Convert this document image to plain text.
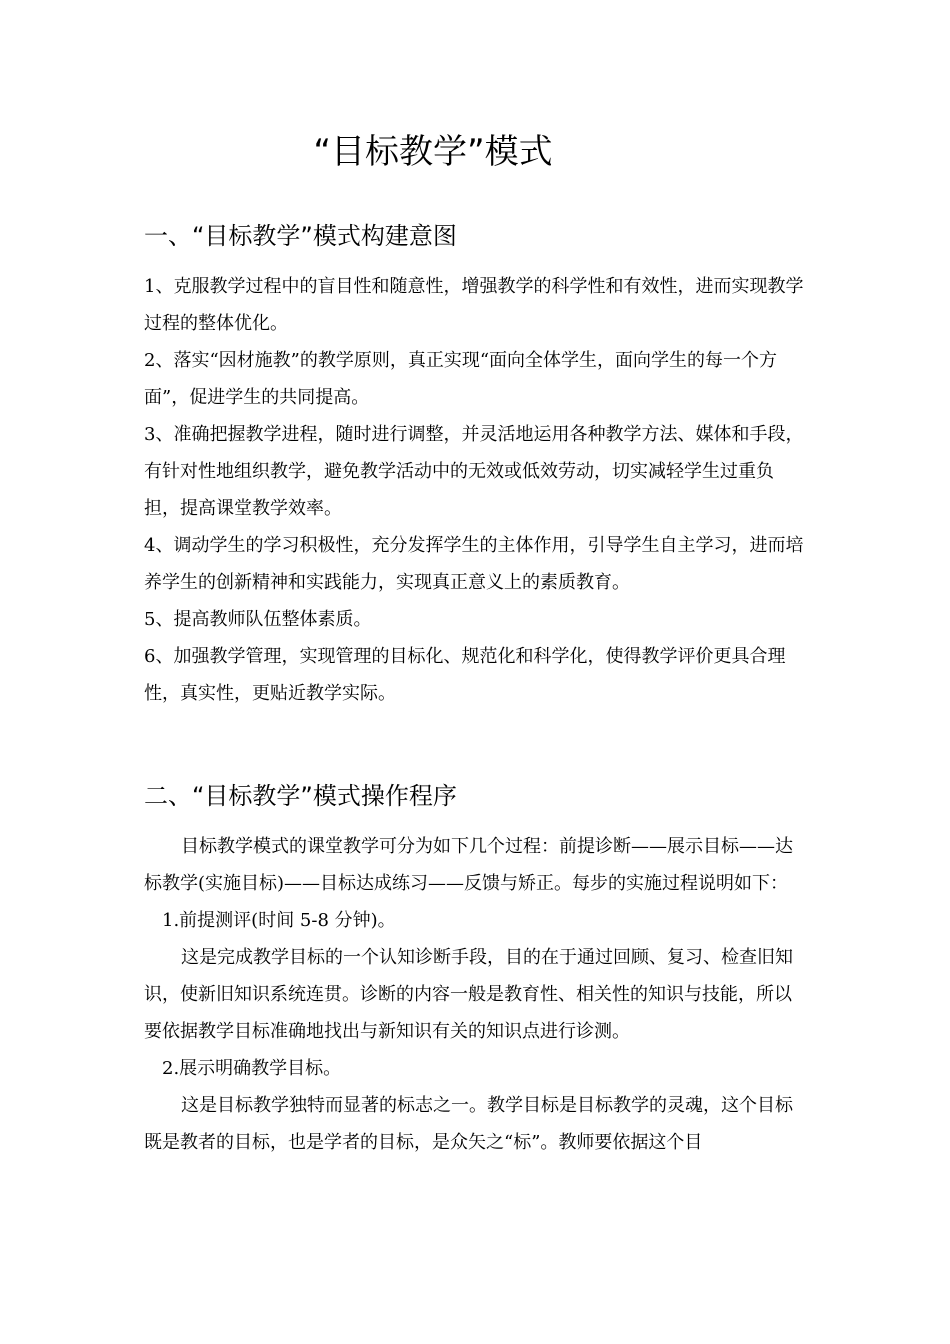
“目标教学”模式
一、“目标教学”模式构建意图

1、克服教学过程中的盲目性和随意性，增强教学的科学性和有效性，进而实现教学过程的整体优化。

2、落实“因材施教”的教学原则，真正实现“面向全体学生，面向学生的每一个方面”，促进学生的共同提高。

3、准确把握教学进程，随时进行调整，并灵活地运用各种教学方法、媒体和手段，有针对性地组织教学，避免教学活动中的无效或低效劳动，切实减轻学生过重负担，提高课堂教学效率。

4、调动学生的学习积极性，充分发挥学生的主体作用，引导学生自主学习，进而培养学生的创新精神和实践能力，实现真正意义上的素质教育。

5、提高教师队伍整体素质。

6、加强教学管理，实现管理的目标化、规范化和科学化，使得教学评价更具合理性，真实性，更贴近教学实际。

二、“目标教学”模式操作程序

目标教学模式的课堂教学可分为如下几个过程：前提诊断——展示目标——达标教学(实施目标)——目标达成练习——反馈与矫正。每步的实施过程说明如下：

1.前提测评(时间 5-8 分钟)。

这是完成教学目标的一个认知诊断手段，目的在于通过回顾、复习、检查旧知识，使新旧知识系统连贯。诊断的内容一般是教育性、相关性的知识与技能，所以要依据教学目标准确地找出与新知识有关的知识点进行诊测。

2.展示明确教学目标。

这是目标教学独特而显著的标志之一。教学目标是目标教学的灵魂，这个目标既是教者的目标，也是学者的目标，是众矢之“标”。教师要依据这个目
